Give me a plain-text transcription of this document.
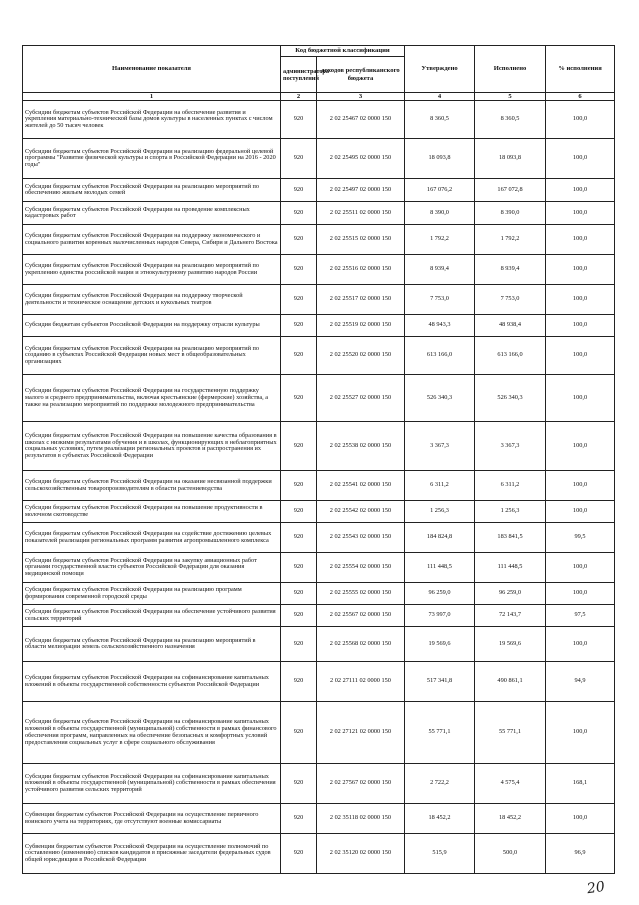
Наименование показателя	Код бюджетной классификации		Утверждено	Исполнено	% исполнения
	администратора поступлений	доходов республиканского бюджета			
1	2	3	4	5	6
Субсидии бюджетам субъектов Российской Федерации на обеспечение развития и укрепления материально-технической базы домов культуры в населенных пунктах с числом жителей до 50 тысяч человек	920	2 02 25467 02 0000 150	8 360,5	8 360,5	100,0
Субсидии бюджетам субъектов Российской Федерации на реализацию федеральной целевой программы "Развитие физической культуры и спорта в Российской Федерации на 2016 - 2020 годы"	920	2 02 25495 02 0000 150	18 093,8	18 093,8	100,0
Субсидии бюджетам субъектов Российской Федерации на реализацию мероприятий по обеспечению жильем молодых семей	920	2 02 25497 02 0000 150	167 076,2	167 072,8	100,0
Субсидии бюджетам субъектов Российской Федерации на проведение комплексных кадастровых работ	920	2 02 25511 02 0000 150	8 390,0	8 390,0	100,0
Субсидии бюджетам субъектов Российской Федерации на поддержку экономического и социального развития коренных малочисленных народов Севера, Сибири и Дальнего Востока	920	2 02 25515 02 0000 150	1 792,2	1 792,2	100,0
Субсидии бюджетам субъектов Российской Федерации на реализацию мероприятий по укреплению единства российской нации и этнокультурному развитию народов России	920	2 02 25516 02 0000 150	8 939,4	8 939,4	100,0
Субсидии бюджетам субъектов Российской Федерации на поддержку творческой деятельности и техническое оснащение детских и кукольных театров	920	2 02 25517 02 0000 150	7 753,0	7 753,0	100,0
Субсидия бюджетам субъектов Российской Федерации на поддержку отрасли культуры	920	2 02 25519 02 0000 150	48 943,3	48 938,4	100,0
Субсидии бюджетам субъектов Российской Федерации на реализацию мероприятий по созданию в субъектах Российской Федерации новых мест в общеобразовательных организациях	920	2 02 25520 02 0000 150	613 166,0	613 166,0	100,0
Субсидии бюджетам субъектов Российской Федерации на государственную поддержку малого и среднего предпринимательства, включая крестьянские (фермерские) хозяйства, а также на реализацию мероприятий по поддержке молодежного предпринимательства	920	2 02 25527 02 0000 150	526 340,3	526 340,3	100,0
Субсидии бюджетам субъектов Российской Федерации на повышение качества образования в школах с низкими результатами обучения и в школах, функционирующих в неблагоприятных социальных условиях, путем реализации региональных проектов и распространения их результатов в субъектах Российской Федерации	920	2 02 25538 02 0000 150	3 367,3	3 367,3	100,0
Субсидии бюджетам субъектов Российской Федерации на оказание несвязанной поддержки сельскохозяйственным товаропроизводителям в области растениеводства	920	2 02 25541 02 0000 150	6 311,2	6 311,2	100,0
Субсидии бюджетам субъектов Российской Федерации на повышение продуктивности в молочном скотоводстве	920	2 02 25542 02 0000 150	1 256,3	1 256,3	100,0
Субсидии бюджетам субъектов Российской Федерации на содействие достижению целевых показателей реализации региональных программ развития агропромышленного комплекса	920	2 02 25543 02 0000 150	184 824,8	183 841,5	99,5
Субсидии бюджетам субъектов Российской Федерации на закупку авиационных работ органами государственной власти субъектов Российской Федерации для оказания медицинской помощи	920	2 02 25554 02 0000 150	111 448,5	111 448,5	100,0
Субсидии бюджетам субъектов Российской Федерации на реализацию программ формирования современной городской среды	920	2 02 25555 02 0000 150	96 259,0	96 259,0	100,0
Субсидии бюджетам субъектов Российской Федерации на обеспечение устойчивого развития сельских территорий	920	2 02 25567 02 0000 150	73 997,0	72 143,7	97,5
Субсидии бюджетам субъектов Российской Федерации на реализацию мероприятий в области мелиорации земель сельскохозяйственного назначения	920	2 02 25568 02 0000 150	19 569,6	19 569,6	100,0
Субсидии бюджетам субъектов Российской Федерации на софинансирование капитальных вложений в объекты государственной собственности субъектов Российской Федерации	920	2 02 27111 02 0000 150	517 341,8	490 861,1	94,9
Субсидии бюджетам субъектов Российской Федерации на софинансирование капитальных вложений в объекты государственной (муниципальной) собственности в рамках финансового обеспечения программ, направленных на обеспечение безопасных и комфортных условий предоставления социальных услуг в сфере социального обслуживания	920	2 02 27121 02 0000 150	55 771,1	55 771,1	100,0
Субсидии бюджетам субъектов Российской Федерации на софинансирование капитальных вложений в объекты государственной (муниципальной) собственности в рамках обеспечения устойчивого развития сельских территорий	920	2 02 27567 02 0000 150	2 722,2	4 575,4	168,1
Субвенции бюджетам субъектов Российской Федерации на осуществление первичного воинского учета на территориях, где отсутствуют военные комиссариаты	920	2 02 35118 02 0000 150	18 452,2	18 452,2	100,0
Субвенции бюджетам субъектов Российской Федерации на осуществление полномочий по составлению (изменению) списков кандидатов в присяжные заседатели федеральных судов общей юрисдикции в Российской Федерации	920	2 02 35120 02 0000 150	515,9	500,0	96,9
20
